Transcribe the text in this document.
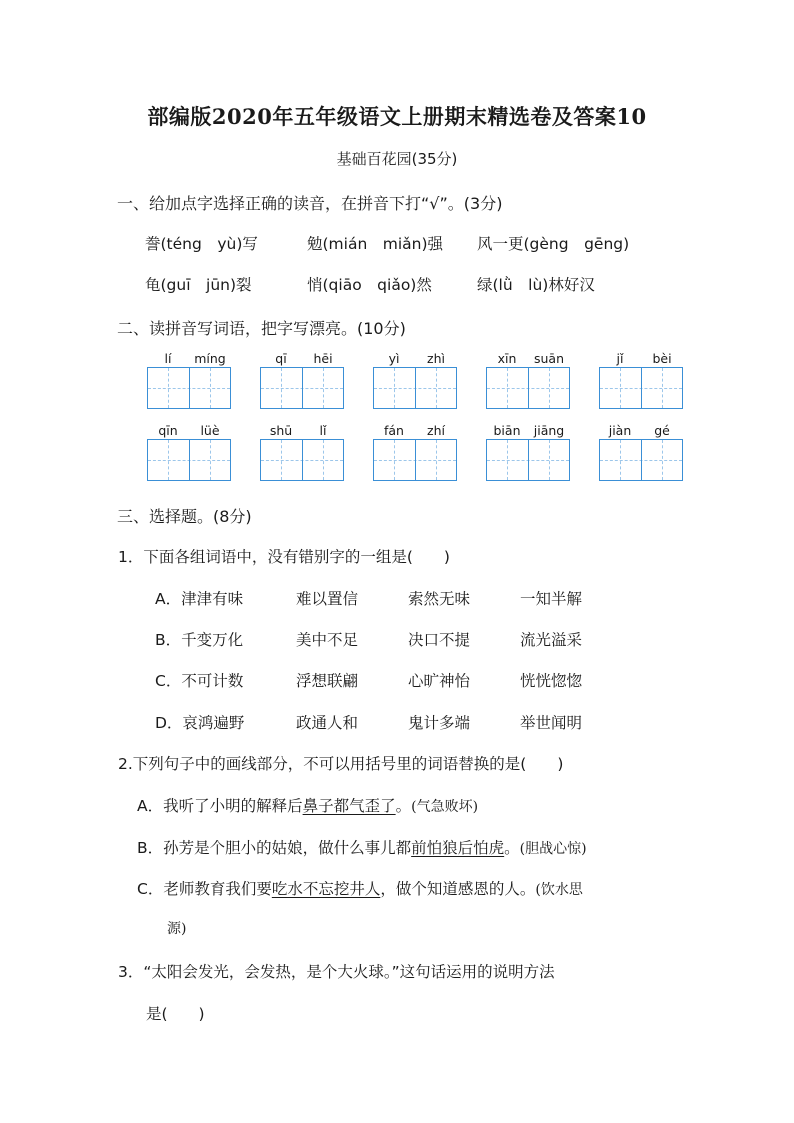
部编版2020年五年级语文上册期末精选卷及答案10
基础百花园(35分)
一、给加点字选择正确的读音，在拼音下打“√”。(3分)
誊(téng　yù)写	勉(mián　miǎn)强 风一更(gèng　gēng)
龟(guī　jūn)裂	悄(qiāo　qiǎo)然	绿(lǜ　lù)林好汉
二、读拼音写词语，把字写漂亮。(10分)
lí	míng	qī	hēi	yì	zhì	xīn	suān	jǐ	bèi
qīn	lüè	shū	lǐ	fán	zhí	biān	jiāng	jiàn	gé
三、选择题。(8分)
1．下面各组词语中，没有错别字的一组是(　　)
A．津津有味	难以置信	索然无味	一知半解
B．千变万化	美中不足	决口不提	流光溢采
C．不可计数	浮想联翩	心旷神怡	恍恍惚惚
D．哀鸿遍野	政通人和	鬼计多端	举世闻明
2.下列句子中的画线部分，不可以用括号里的词语替换的是(　　)
A．我听了小明的解释后鼻子都气歪了。(气急败坏)
B．孙芳是个胆小的姑娘，做什么事儿都前怕狼后怕虎。(胆战心惊)
C．老师教育我们要吃水不忘挖井人，做个知道感恩的人。(饮水思
源)
3．“太阳会发光，会发热，是个大火球。”这句话运用的说明方法
是(　　)
